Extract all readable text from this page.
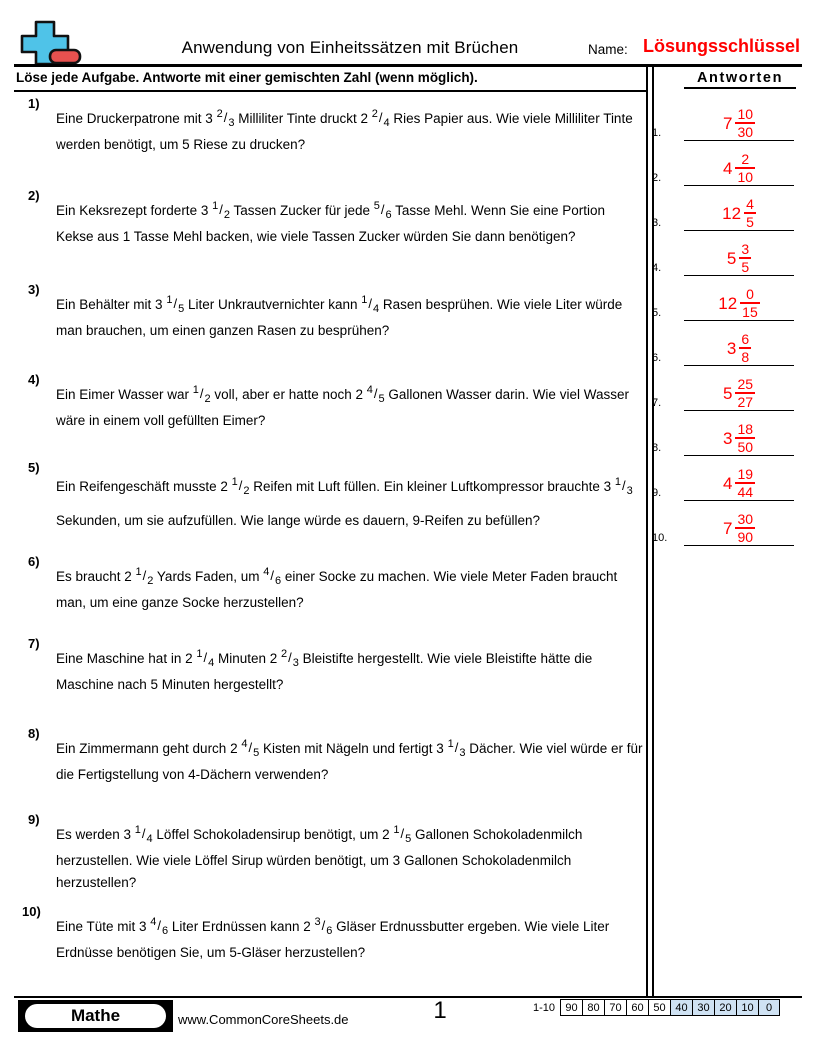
Anwendung von Einheitssätzen mit Brüchen	Name: Lösungsschlüssel
Löse jede Aufgabe. Antworte mit einer gemischten Zahl (wenn möglich).
1)
Eine Druckerpatrone mit 3 $^2/_3$ Milliliter Tinte druckt 2 $^2/_4$ Ries Papier aus. Wie viele Milliliter Tinte werden benötigt, um 5 Riese zu drucken?
2)
Ein Keksrezept forderte 3 $^1/_2$ Tassen Zucker für jede $^5/_6$ Tasse Mehl. Wenn Sie eine Portion Kekse aus 1 Tasse Mehl backen, wie viele Tassen Zucker würden Sie dann benötigen?
3)
Ein Behälter mit 3 $^1/_5$ Liter Unkrautvernichter kann $^1/_4$ Rasen besprühen. Wie viele Liter würde man brauchen, um einen ganzen Rasen zu besprühen?
4)
Ein Eimer Wasser war $^1/_2$ voll, aber er hatte noch 2 $^4/_5$ Gallonen Wasser darin. Wie viel Wasser wäre in einem voll gefüllten Eimer?
5)
Ein Reifengeschäft musste 2 $^1/_2$ Reifen mit Luft füllen. Ein kleiner Luftkompressor brauchte 3 $^1/_3$ Sekunden, um sie aufzufüllen. Wie lange würde es dauern, 9-Reifen zu befüllen?
6)
Es braucht 2 $^1/_2$ Yards Faden, um $^4/_6$ einer Socke zu machen. Wie viele Meter Faden braucht man, um eine ganze Socke herzustellen?
7)
Eine Maschine hat in 2 $^1/_4$ Minuten 2 $^2/_3$ Bleistifte hergestellt. Wie viele Bleistifte hätte die Maschine nach 5 Minuten hergestellt?
8)
Ein Zimmermann geht durch 2 $^4/_5$ Kisten mit Nägeln und fertigt 3 $^1/_3$ Dächer. Wie viel würde er für die Fertigstellung von 4-Dächern verwenden?
9)
Es werden 3 $^1/_4$ Löffel Schokoladensirup benötigt, um 2 $^1/_5$ Gallonen Schokoladenmilch herzustellen. Wie viele Löffel Sirup würden benötigt, um 3 Gallonen Schokoladenmilch herzustellen?
10)
Eine Tüte mit 3 $^4/_6$ Liter Erdnüssen kann 2 $^3/_6$ Gläser Erdnussbutter ergeben. Wie viele Liter Erdnüsse benötigen Sie, um 5-Gläser herzustellen?
Antworten
1.
$7 \frac{10}{30}$
2.
$4 \frac{2}{10}$
3.
$12 \frac{4}{5}$
4.
$5 \frac{3}{5}$
5.
$12 \frac{0}{15}$
6.
$3 \frac{6}{8}$
7.
$5 \frac{25}{27}$
8.
$3 \frac{18}{50}$
9.
$4 \frac{19}{44}$
10.
$7 \frac{30}{90}$
Mathe	www.CommonCoreSheets.de	1	1-10 90 80 70 60 50 40 30 20 10	0
